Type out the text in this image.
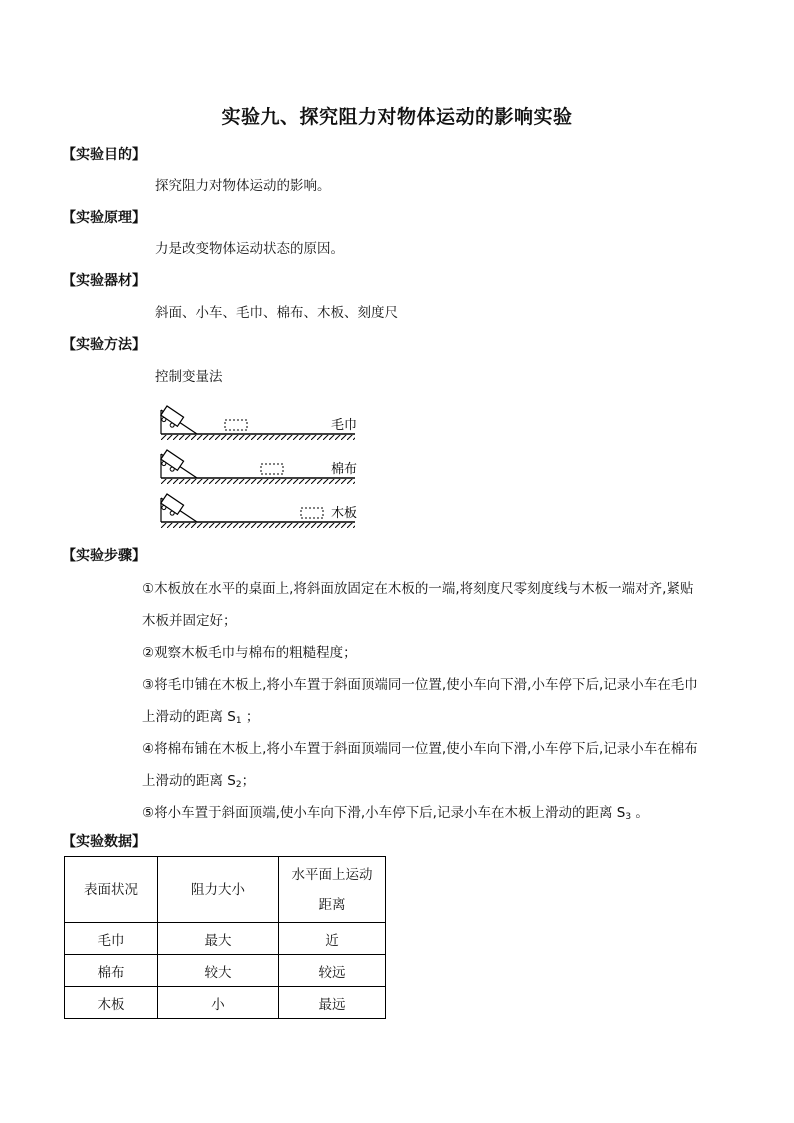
实验九、探究阻力对物体运动的影响实验
【实验目的】
探究阻力对物体运动的影响。
【实验原理】
力是改变物体运动状态的原因。
【实验器材】
斜面、小车、毛巾、棉布、木板、刻度尺
【实验方法】
控制变量法
毛巾
棉布
木板
【实验步骤】
①木板放在水平的桌面上,将斜面放固定在木板的一端,将刻度尺零刻度线与木板一端对齐,紧贴
木板并固定好；
②观察木板毛巾与棉布的粗糙程度；
③将毛巾铺在木板上,将小车置于斜面顶端同一位置,使小车向下滑,小车停下后,记录小车在毛巾
上滑动的距离 $S_1$ ；
④将棉布铺在木板上,将小车置于斜面顶端同一位置,使小车向下滑,小车停下后,记录小车在棉布
上滑动的距离 $S_2$；
⑤将小车置于斜面顶端,使小车向下滑,小车停下后,记录小车在木板上滑动的距离 $S_3$ 。
【实验数据】
表面状况	阻力大小	水平面上运动
距离

毛巾	最大	近
棉布	较大	较远
木板	小	最远
